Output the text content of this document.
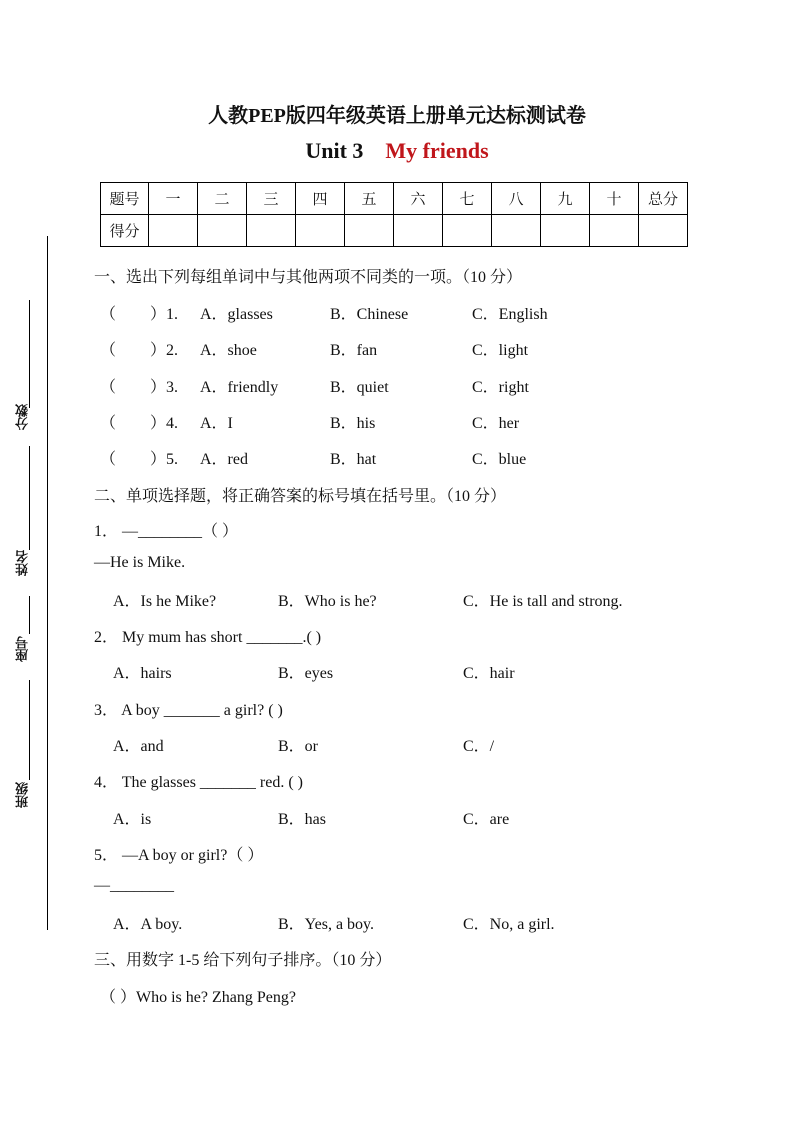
人教PEP版四年级英语上册单元达标测试卷
Unit 3 My friends
题号	一	二	三	四	五	六	七	八	九	十	总分
得分											
分数
姓名
座号
班级
一、选出下列每组单词中与其他两项不同类的一项。（10 分）
（ ）1. A．glasses	B．Chinese	C．English
（ ）2. A．shoe	B．fan	C．light
（ ）3. A．friendly	B．quiet	C．right
（ ）4. A．I	B．his	C．her
（ ）5. A．red	B．hat	C．blue
二、单项选择题，将正确答案的标号填在括号里。（10 分）
1． —________（ ）
—He is Mike.
A．Is he Mike?	B．Who is he?	C．He is tall and strong.
2． My mum has short _______.( )
A．hairs	B．eyes	C．hair
3． A boy _______ a girl? ( )
A．and	B．or	C．/
4． The glasses _______ red. ( )
A．is	B．has	C．are
5． —A boy or girl?（ ）
—________
A．A boy.	B．Yes, a boy.	C．No, a girl.
三、用数字 1-5 给下列句子排序。（10 分）
（ ）Who is he? Zhang Peng?
